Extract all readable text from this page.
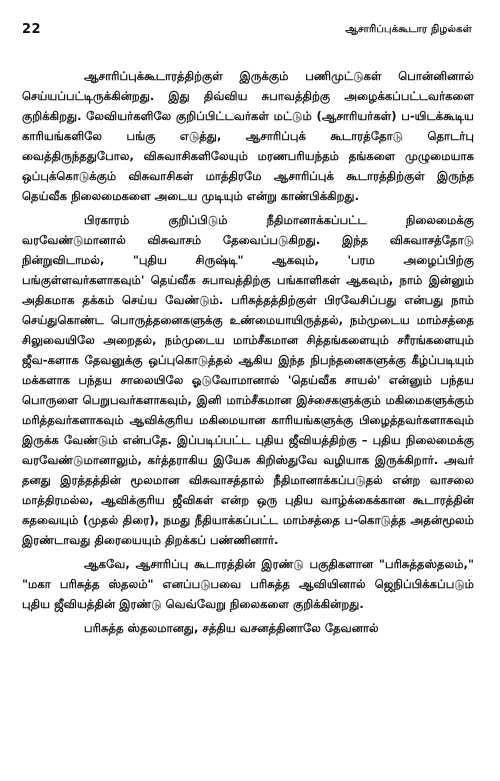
22	ஆசாரிப்புக்கூடார நிழல்கள்

ஆசாரிப்புக்கூடாரத்திற்குள் இருக்கும் பணிமுட்டுகள் பொன்னினால் செய்யப்பட்டிருக்கின்றது. இது திவ்விய சுபாவத்திற்கு அழைக்கப்பட்டவர்களை குறிக்கிறது. லேவியர்களிலே குறிப்பிட்டவர்கள் மட்டும் (ஆசாரியர்கள்) ப-யிடக்கூடிய காரியங்களிலே பங்கு எடுத்து, ஆசாரிப்புக் கூடாரத்தோடு தொடர்பு வைத்திருந்ததுபோல, விசுவாசிகளிலேயும் மரணபரியந்தம் தங்களை முழுமையாக ஒப்புக்கொடுக்கும் விசுவாசிகள் மாத்திரமே ஆசாரிப்புக் கூடாரத்திற்குள் இருந்த தெய்வீக நிலைமைகளை அடைய முடியும் என்று காண்பிக்கிறது.

பிரகாரம் குறிப்பிடும் நீதிமானாக்கப்பட்ட நிலைமைக்கு வரவேண்டுமானால் விசுவாசம் தேவைப்படுகிறது. இந்த விசுவாசத்தோடு நின்றுவிடாமல், "புதிய சிருஷ்டி" ஆகவும், 'பரம அழைப்பிற்கு பங்குள்ளவர்களாகவும்' தெய்வீக சுபாவத்திற்கு பங்காளிகள் ஆகவும், நாம் இன்னும் அதிகமாக தக்கம் செய்ய வேண்டும். பரிசுத்தத்திற்குள் பிரவேசிப்பது என்பது நாம் செய்துகொண்ட பொருத்தனைகளுக்கு உண்மையாயிருத்தல், நம்முடைய மாம்சத்தை சிலுவையிலே அறைதல், நம்முடைய மாம்சீகமான சித்தங்களையும் சரீரங்களையும் ஜீவ-களாக தேவனுக்கு ஒப்புகொடுத்தல் ஆகிய இந்த நிபந்தனைகளுக்கு கீழ்ப்படியும் மக்களாக பந்தய சாலையிலே ஓடுவோமானால் 'தெய்வீக சாயல்' என்னும் பந்தய பொருளை பெறுபவர்களாகவும், இனி மாம்சீகமான இச்சைகளுக்கும் மகிமைகளுக்கும் மரித்தவர்களாகவும் ஆவிக்குரிய மகிமையான காரியங்களுக்கு பிழைத்தவர்களாகவும் இருக்க வேண்டும் என்பதே. இப்படிப்பட்ட புதிய ஜீவியத்திற்கு – புதிய நிலைமைக்கு வரவேண்டுமானாலும், கர்த்தராகிய இயேசு கிறிஸ்துவே வழியாக இருக்கிறார். அவர் தனது இரத்தத்தின் மூலமான விசுவாசத்தால் நீதிமானாக்கப்படுதல் என்ற வாசலை மாத்திரமல்ல, ஆவிக்குரிய ஜீவிகள் என்ற ஒரு புதிய வாழ்க்கைக்கான கூடாரத்தின் கதவையும் (முதல் திரை), நமது நீதியாக்கப்பட்ட மாம்சத்தை ப-கொடுத்த அதன்மூலம் இரண்டாவது திரையையும் திறக்கப் பண்ணினார்.

ஆகவே, ஆசாரிப்பு கூடாரத்தின் இரண்டு பகுதிகளான "பரிசுத்தஸ்தலம்," "மகா பரிசுத்த ஸ்தலம்" எனப்படுபவை பரிசுத்த ஆவியினால் ஜெநிப்பிக்கப்படும் புதிய ஜீவியத்தின் இரண்டு வெவ்வேறு நிலைகளை குறிக்கின்றது.

பரிசுத்த ஸ்தலமானது, சத்திய வசனத்தினாலே தேவனால்
